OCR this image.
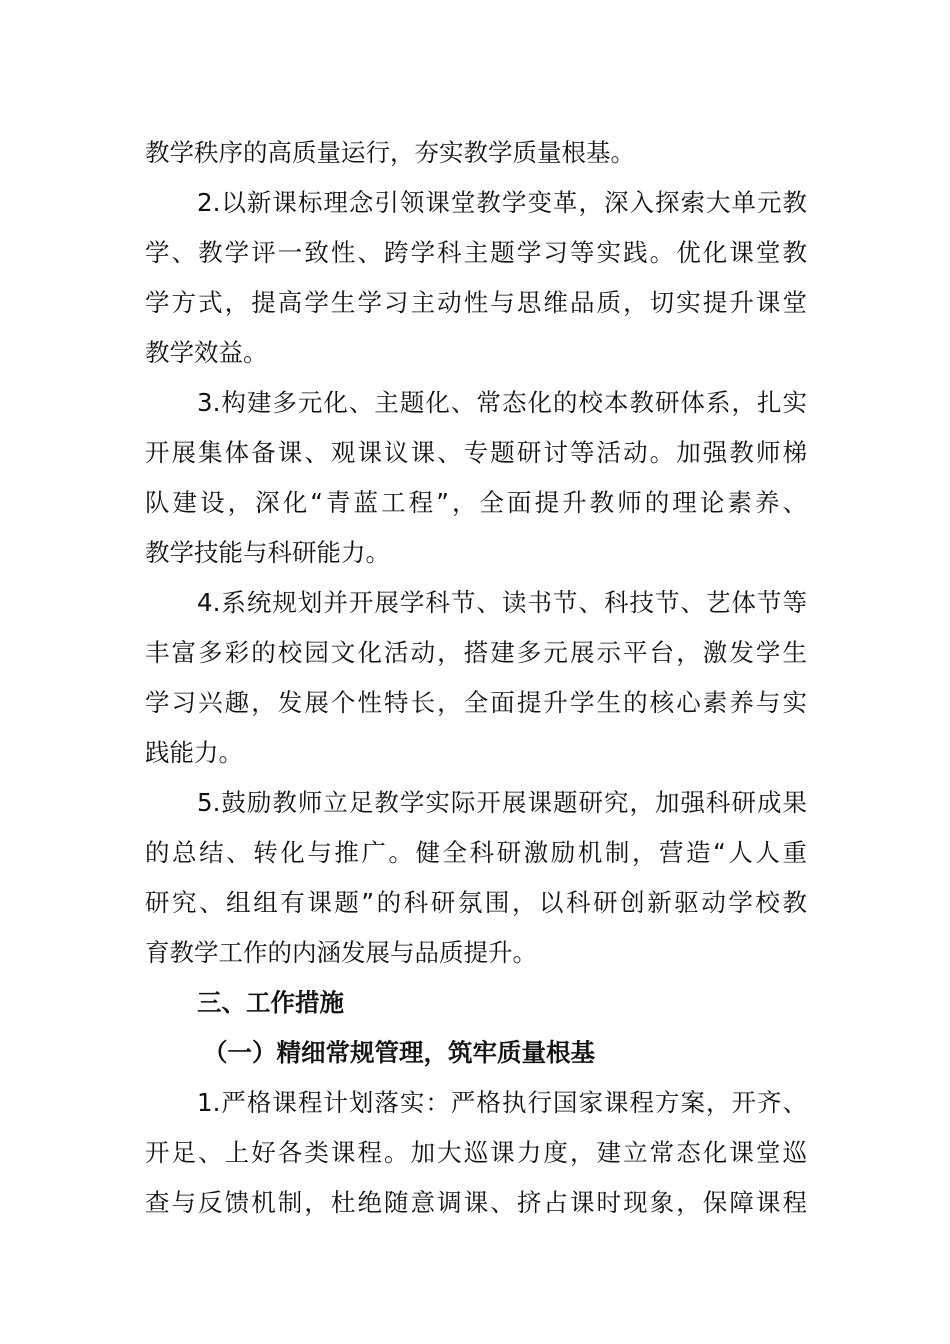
教学秩序的高质量运行，夯实教学质量根基。
2.以新课标理念引领课堂教学变革，深入探索大单元教
学、教学评一致性、跨学科主题学习等实践。优化课堂教
学方式，提高学生学习主动性与思维品质，切实提升课堂
教学效益。
3.构建多元化、主题化、常态化的校本教研体系，扎实
开展集体备课、观课议课、专题研讨等活动。加强教师梯
队建设，深化“青蓝工程”，全面提升教师的理论素养、
教学技能与科研能力。
4.系统规划并开展学科节、读书节、科技节、艺体节等
丰富多彩的校园文化活动，搭建多元展示平台，激发学生
学习兴趣，发展个性特长，全面提升学生的核心素养与实
践能力。
5.鼓励教师立足教学实际开展课题研究，加强科研成果
的总结、转化与推广。健全科研激励机制，营造“人人重
研究、组组有课题”的科研氛围，以科研创新驱动学校教
育教学工作的内涵发展与品质提升。
三、工作措施
（一）精细常规管理，筑牢质量根基
1.严格课程计划落实：严格执行国家课程方案，开齐、
开足、上好各类课程。加大巡课力度，建立常态化课堂巡
查与反馈机制，杜绝随意调课、挤占课时现象，保障课程
